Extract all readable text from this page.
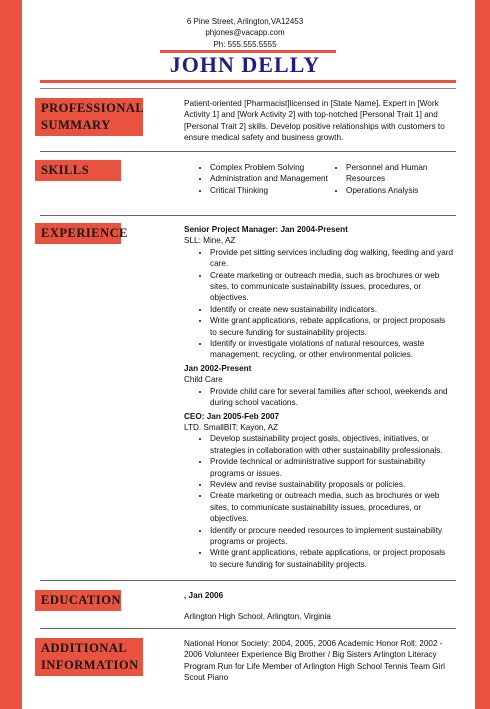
6 Pine Street, Arlington,VA12453
phjones@vacapp.com
Ph: 555.555.5555
JOHN DELLY
PROFESSIONAL
SUMMARY

Patient-oriented [Pharmacist]licensed in [State Name]. Expert in [Work Activity 1] and [Work Activity 2] with top-notched [Personal Trait 1] and [Personal Trait 2] skills. Develop positive relationships with customers to ensure medical safety and business growth.

SKILLS
•	Complex Problem Solving
• Administration and Management
• Critical Thinking
• Personnel and Human Resources
• Operations Analysis
EXPERIENCE	Senior Project Manager: Jan 2004-Present
SLL: Mine, AZ
• Provide pet sitting services including dog walking, feeding and yard care.
• Create marketing or outreach media, such as brochures or web sites, to communicate sustainability issues, procedures, or objectives.
• Identify or create new sustainability indicators.
• Write grant applications, rebate applications, or project proposals to secure funding for sustainability projects.
• Identify or investigate violations of natural resources, waste management, recycling, or other environmental policies.
Jan 2002-Present
Child Care
• Provide child care for several families after school, weekends and during school vacations.
CEO: Jan 2005-Feb 2007
LTD. SmallBIT: Kayon, AZ
• Develop sustainability project goals, objectives, initiatives, or strategies in collaboration with other sustainability professionals.
• Provide technical or administrative support for sustainability programs or issues.
• Review and revise sustainability proposals or policies.
• Create marketing or outreach media, such as brochures or web sites, to communicate sustainability issues, procedures, or objectives.
• Identify or procure needed resources to implement sustainability programs or projects.
• Write grant applications, rebate applications, or project proposals to secure funding for sustainability projects.
EDUCATION	, Jan 2006
Arlington High School, Arlington, Virginia
ADDITIONAL
INFORMATION

National Honor Society: 2004, 2005, 2006 Academic Honor Roll: 2002 - 2006 Volunteer Experience Big Brother / Big Sisters Arlington Literacy Program Run for Life Member of Arlington High School Tennis Team Girl Scout Piano
